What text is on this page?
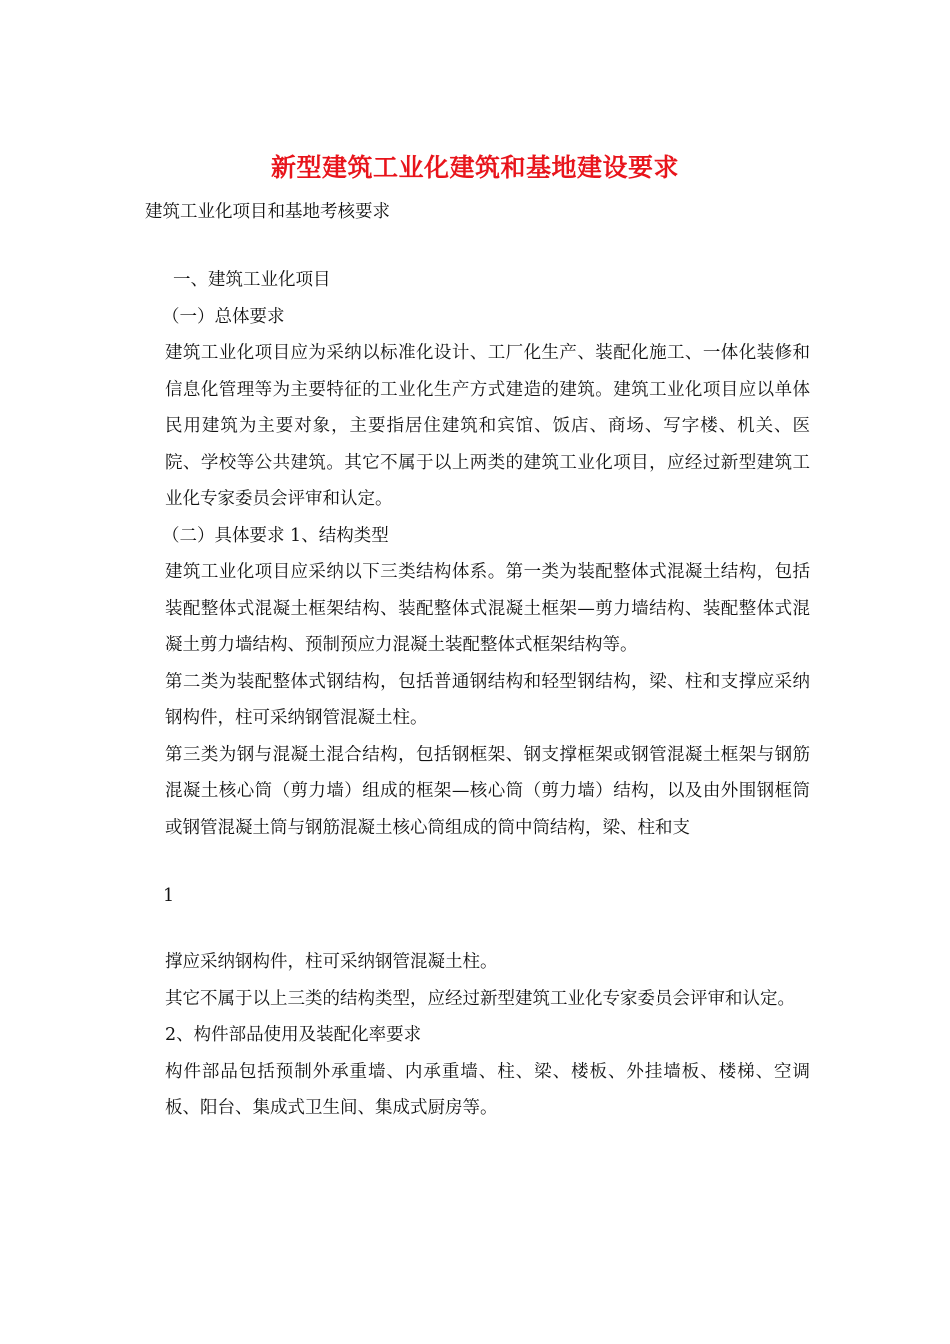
新型建筑工业化建筑和基地建设要求

建筑工业化项目和基地考核要求

一、建筑工业化项目

（一）总体要求

建筑工业化项目应为采纳以标准化设计、工厂化生产、装配化施工、一体化装修和信息化管理等为主要特征的工业化生产方式建造的建筑。建筑工业化项目应以单体民用建筑为主要对象，主要指居住建筑和宾馆、饭店、商场、写字楼、机关、医院、学校等公共建筑。其它不属于以上两类的建筑工业化项目，应经过新型建筑工业化专家委员会评审和认定。

（二）具体要求 1、结构类型

建筑工业化项目应采纳以下三类结构体系。第一类为装配整体式混凝土结构，包括装配整体式混凝土框架结构、装配整体式混凝土框架—剪力墙结构、装配整体式混凝土剪力墙结构、预制预应力混凝土装配整体式框架结构等。

第二类为装配整体式钢结构，包括普通钢结构和轻型钢结构，梁、柱和支撑应采纳钢构件，柱可采纳钢管混凝土柱。

第三类为钢与混凝土混合结构，包括钢框架、钢支撑框架或钢管混凝土框架与钢筋混凝土核心筒（剪力墙）组成的框架—核心筒（剪力墙）结构，以及由外围钢框筒或钢管混凝土筒与钢筋混凝土核心筒组成的筒中筒结构，梁、柱和支

1

撑应采纳钢构件，柱可采纳钢管混凝土柱。

其它不属于以上三类的结构类型，应经过新型建筑工业化专家委员会评审和认定。

2、构件部品使用及装配化率要求

构件部品包括预制外承重墙、内承重墙、柱、梁、楼板、外挂墙板、楼梯、空调板、阳台、集成式卫生间、集成式厨房等。
